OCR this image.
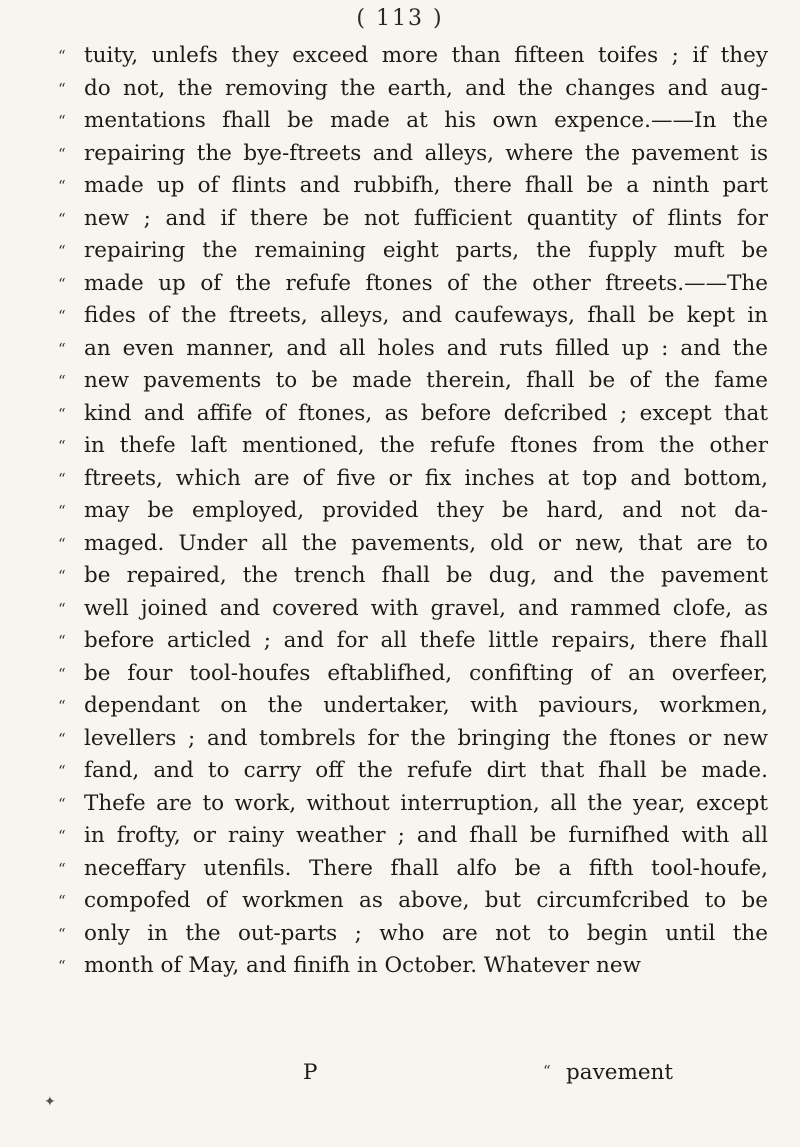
( 113 )
“ tuity, unlefs they exceed more than fifteen toifes ; if they
“ do not, the removing the earth, and the changes and aug-
“ mentations fhall be made at his own expence.——In the
“ repairing the bye-ftreets and alleys, where the pavement is
“ made up of flints and rubbifh, there fhall be a ninth part
“ new ; and if there be not fufficient quantity of flints for
“ repairing the remaining eight parts, the fupply muft be
“ made up of the refufe ftones of the other ftreets.——The
“ fides of the ftreets, alleys, and caufeways, fhall be kept in
“ an even manner, and all holes and ruts filled up : and the
“ new pavements to be made therein, fhall be of the fame
“ kind and affife of ftones, as before defcribed ; except that
“ in thefe laft mentioned, the refufe ftones from the other
“ ftreets, which are of five or fix inches at top and bottom,
“ may be employed, provided they be hard, and not da-
“ maged. Under all the pavements, old or new, that are to
“ be repaired, the trench fhall be dug, and the pavement
“ well joined and covered with gravel, and rammed clofe, as
“ before articled ; and for all thefe little repairs, there fhall
“ be four tool-houfes eftablifhed, confifting of an overfeer,
“ dependant on the undertaker, with paviours, workmen,
“ levellers ; and tombrels for the bringing the ftones or new
“ fand, and to carry off the refufe dirt that fhall be made.
“ Thefe are to work, without interruption, all the year, except
“ in frofty, or rainy weather ; and fhall be furnifhed with all
“ neceffary utenfils. There fhall alfo be a fifth tool-houfe,
“ compofed of workmen as above, but circumfcribed to be
“ only in the out-parts ; who are not to begin until the
“ month of May, and finifh in October. Whatever new
P	“ pavement
✦
